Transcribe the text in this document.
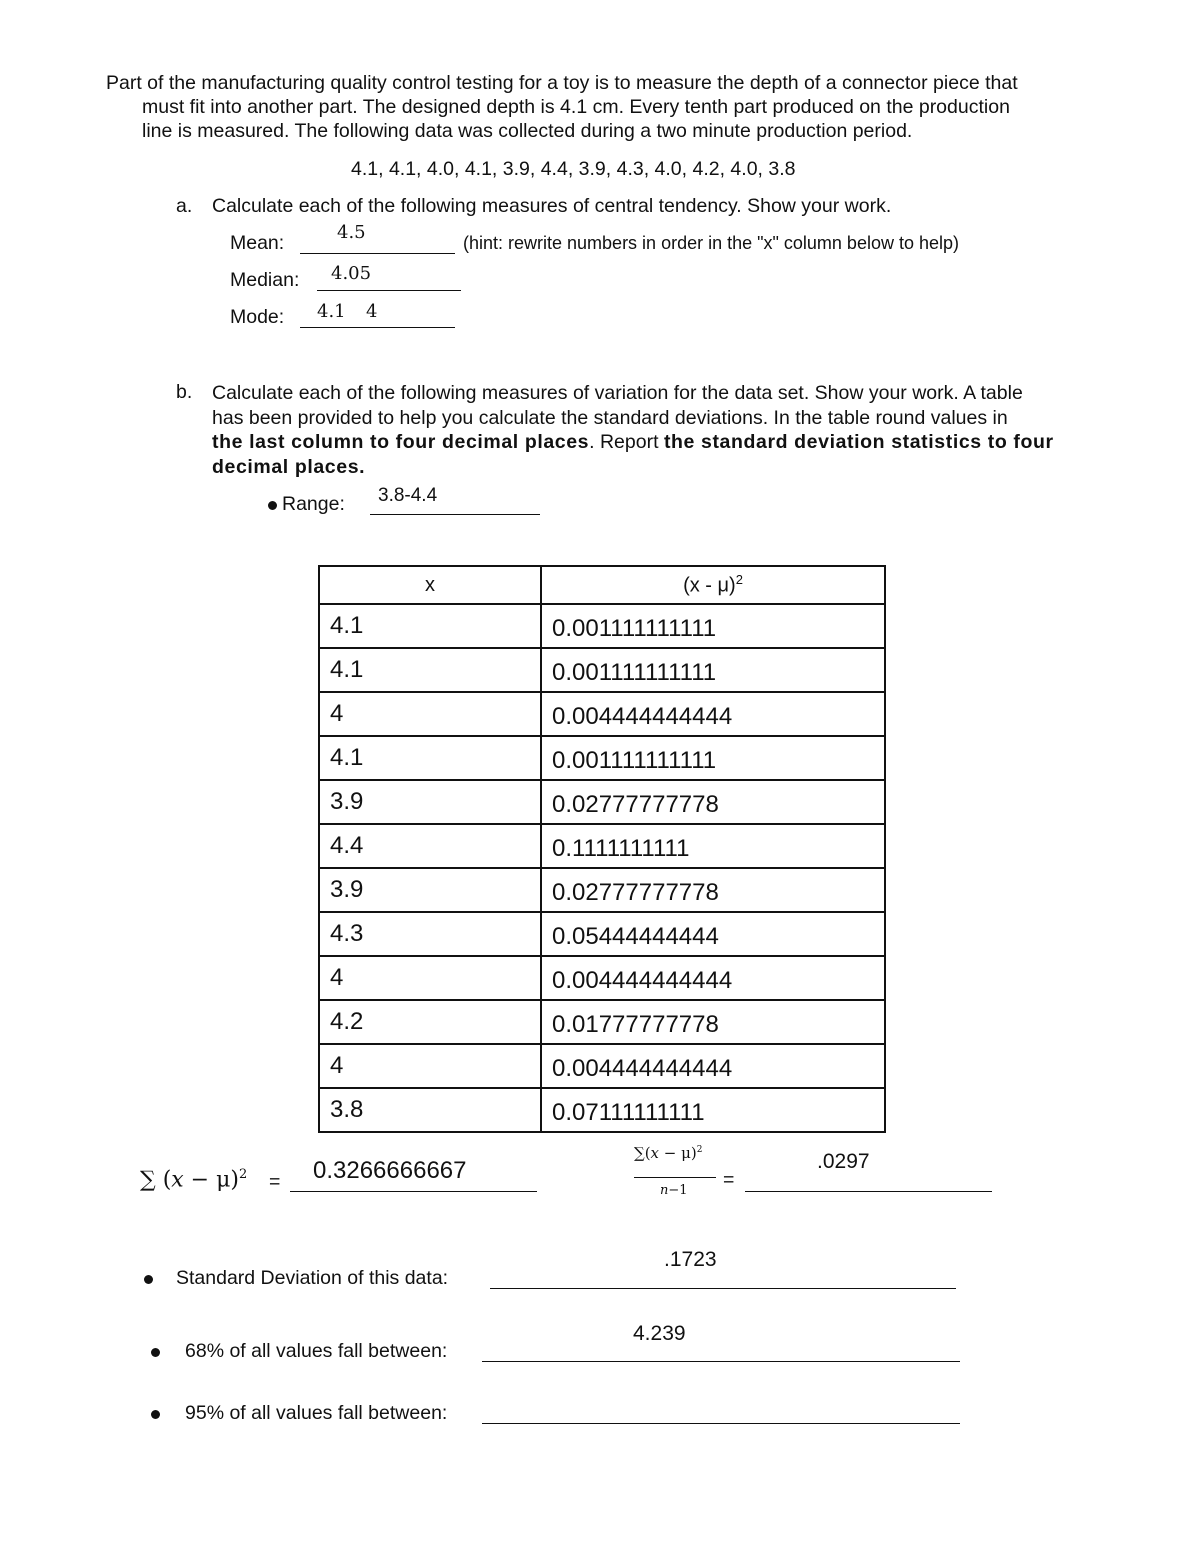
Part of the manufacturing quality control testing for a toy is to measure the depth of a connector piece that
must fit into another part. The designed depth is 4.1 cm. Every tenth part produced on the production
line is measured. The following data was collected during a two minute production period.
4.1, 4.1, 4.0, 4.1, 3.9, 4.4, 3.9, 4.3, 4.0, 4.2, 4.0, 3.8
a. Calculate each of the following measures of central tendency. Show your work.
Mean:	4.5	(hint: rewrite numbers in order in the "x" column below to help)
Median: 4.05
Mode: 4.1 4
b. Calculate each of the following measures of variation for the data set. Show your work. A table
has been provided to help you calculate the standard deviations. In the table round values in
the last column to four decimal places. Report the standard deviation statistics to four
decimal places.
Range: 3.8-4.4
x	(x - μ)$^2$
4.1	0.001111111111
4.1	0.001111111111
4	0.004444444444
4.1	0.001111111111
3.9	0.02777777778
4.4	0.1111111111
3.9	0.02777777778
4.3	0.05444444444
4	0.004444444444
4.2	0.01777777778
4	0.004444444444
3.8	0.07111111111
∑ (𝑥 − μ)$^2$ = 0.3266666667
∑(𝑥 − μ)$^2$
𝑛−1 =
.0297
Standard Deviation of this data:
.1723
68% of all values fall between:
4.239
95% of all values fall between:
